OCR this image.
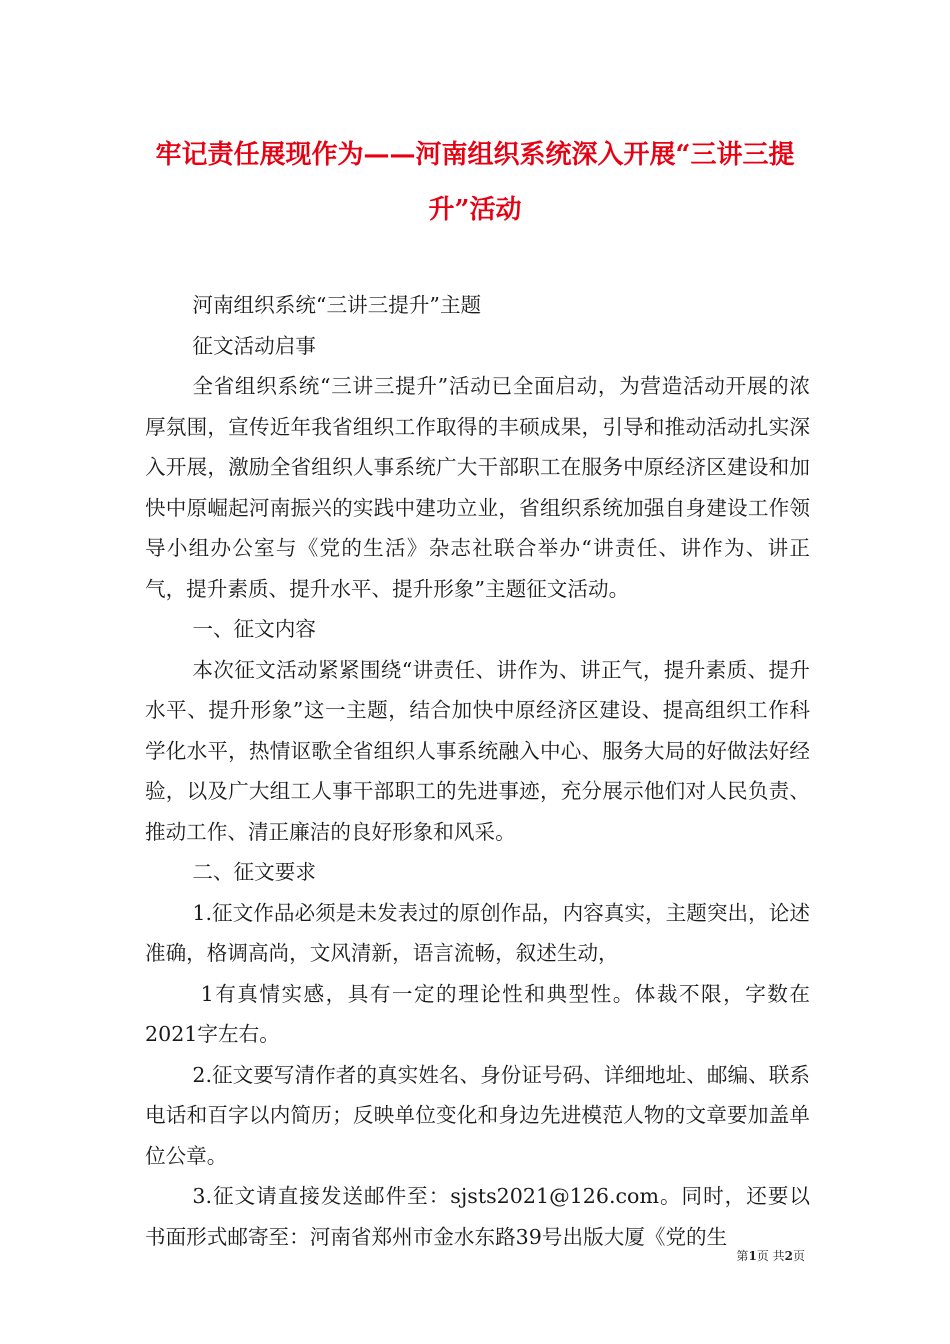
牢记责任展现作为——河南组织系统深入开展“三讲三提
升”活动

河南组织系统“三讲三提升”主题

征文活动启事

全省组织系统“三讲三提升”活动已全面启动，为营造活动开展的浓厚氛围，宣传近年我省组织工作取得的丰硕成果，引导和推动活动扎实深入开展，激励全省组织人事系统广大干部职工在服务中原经济区建设和加快中原崛起河南振兴的实践中建功立业，省组织系统加强自身建设工作领导小组办公室与《党的生活》杂志社联合举办“讲责任、讲作为、讲正气，提升素质、提升水平、提升形象”主题征文活动。

一、征文内容

本次征文活动紧紧围绕“讲责任、讲作为、讲正气，提升素质、提升水平、提升形象”这一主题，结合加快中原经济区建设、提高组织工作科学化水平，热情讴歌全省组织人事系统融入中心、服务大局的好做法好经验，以及广大组工人事干部职工的先进事迹，充分展示他们对人民负责、推动工作、清正廉洁的良好形象和风采。

二、征文要求

1.征文作品必须是未发表过的原创作品，内容真实，主题突出，论述准确，格调高尚，文风清新，语言流畅，叙述生动，

1有真情实感，具有一定的理论性和典型性。体裁不限，字数在2021字左右。

2.征文要写清作者的真实姓名、身份证号码、详细地址、邮编、联系电话和百字以内简历；反映单位变化和身边先进模范人物的文章要加盖单位公章。

3.征文请直接发送邮件至：sjsts2021@126.com。同时，还要以书面形式邮寄至：河南省郑州市金水东路39号出版大厦《党的生

第1页 共2页
